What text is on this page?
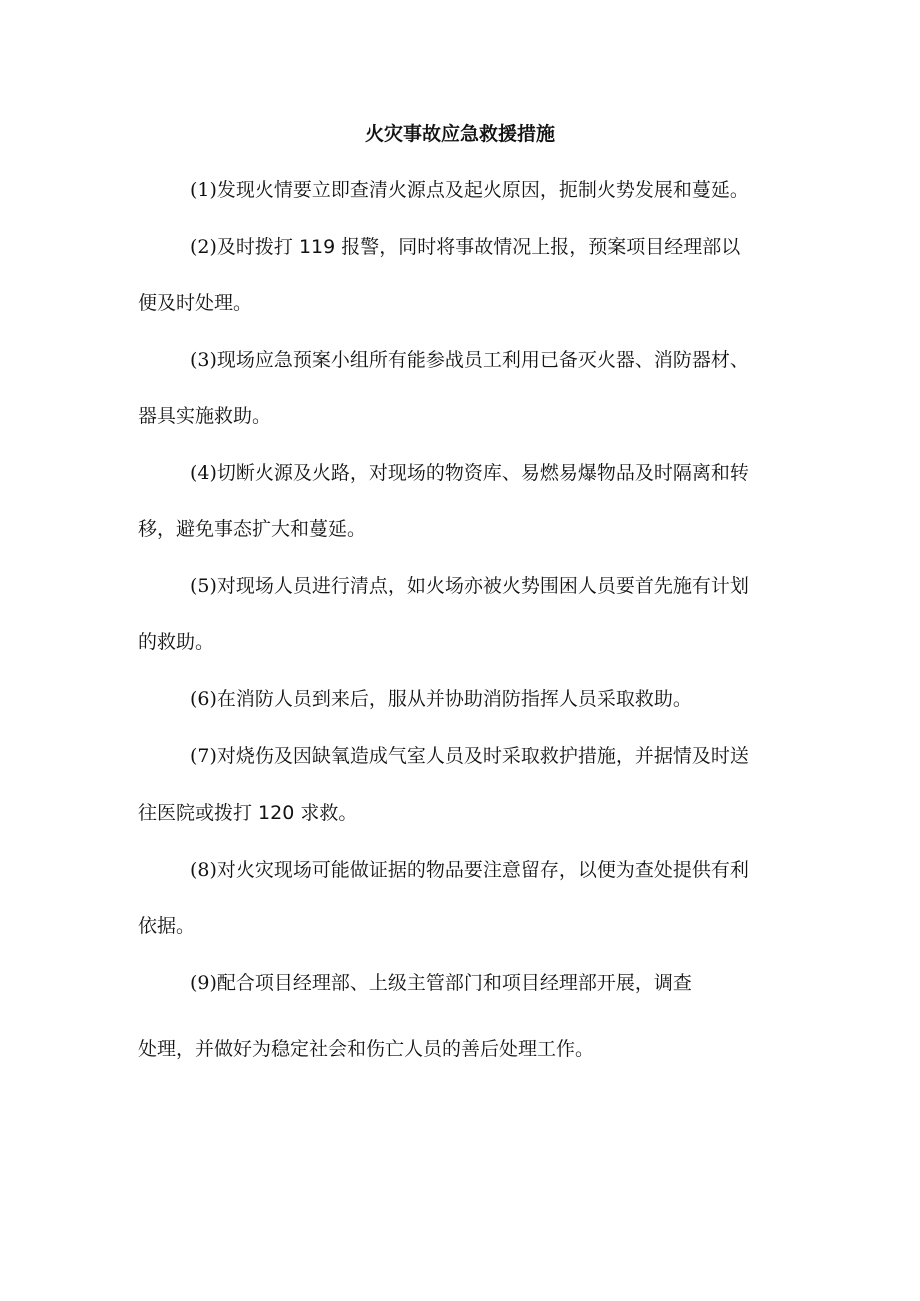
火灾事故应急救援措施
(1)发现火情要立即查清火源点及起火原因，扼制火势发展和蔓延。
(2)及时拨打 119 报警，同时将事故情况上报，预案项目经理部以
便及时处理。
(3)现场应急预案小组所有能参战员工利用已备灭火器、消防器材、
器具实施救助。
(4)切断火源及火路，对现场的物资库、易燃易爆物品及时隔离和转
移，避免事态扩大和蔓延。
(5)对现场人员进行清点，如火场亦被火势围困人员要首先施有计划
的救助。
(6)在消防人员到来后，服从并协助消防指挥人员采取救助。
(7)对烧伤及因缺氧造成气室人员及时采取救护措施，并据情及时送
往医院或拨打 120 求救。
(8)对火灾现场可能做证据的物品要注意留存，以便为查处提供有利
依据。
(9)配合项目经理部、上级主管部门和项目经理部开展，调查
处理，并做好为稳定社会和伤亡人员的善后处理工作。
